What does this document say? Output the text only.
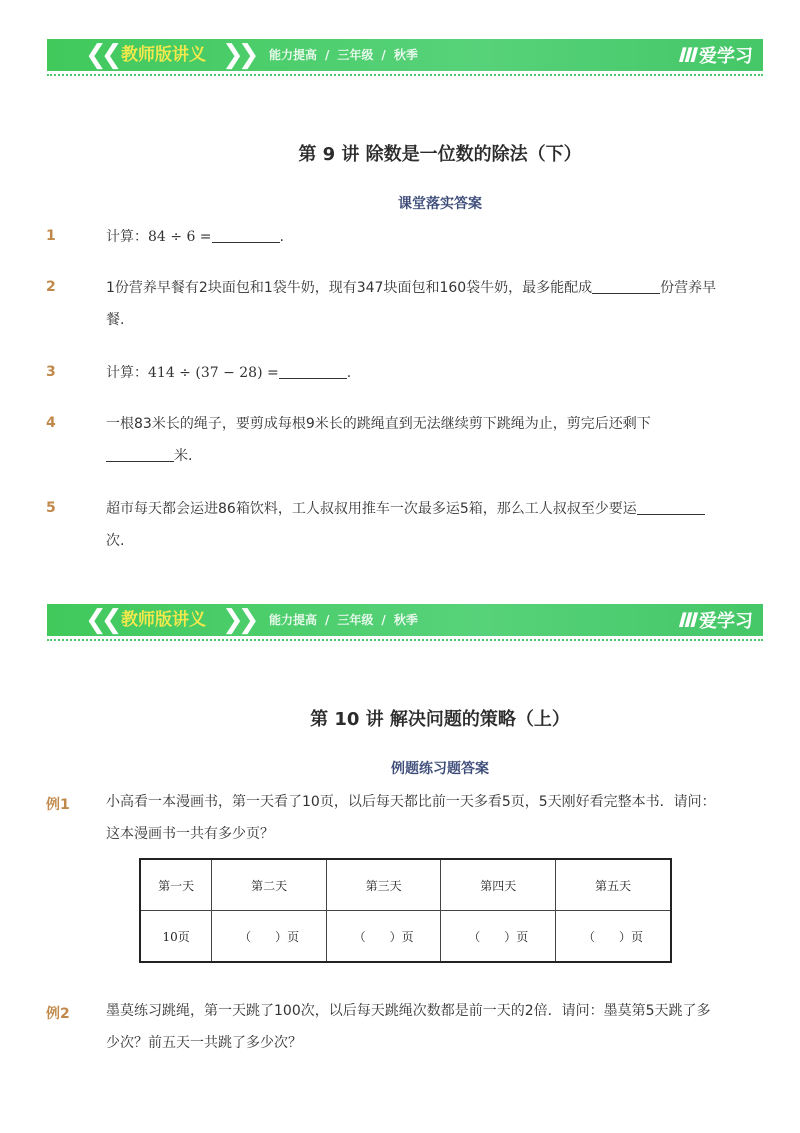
❮❮ 教师版讲义 ❯❯ 能力提高 / 三年级 / 秋季	Ⅲ爱学习
第 9 讲 除数是一位数的除法（下）
课堂落实答案
1	计算：84 ÷ 6 =	.
2	1份营养早餐有2块面包和1袋牛奶，现有347块面包和160袋牛奶，最多能配成	份营养早餐.
3	计算：414 ÷ (37 − 28) =	.
4	一根83米长的绳子，要剪成每根9米长的跳绳直到无法继续剪下跳绳为止，剪完后还剩下米.
5	超市每天都会运进86箱饮料，工人叔叔用推车一次最多运5箱，那么工人叔叔至少要运次.
❮❮ 教师版讲义 ❯❯ 能力提高 / 三年级 / 秋季	Ⅲ爱学习
第 10 讲 解决问题的策略（上）
例题练习题答案
例1	小高看一本漫画书，第一天看了10页，以后每天都比前一天多看5页，5天刚好看完整本书．请问：这本漫画书一共有多少页？
第一天	第二天	第三天	第四天	第五天
10页	（　　）页	（　　）页	（　　）页	（　　）页
例2	墨莫练习跳绳，第一天跳了100次，以后每天跳绳次数都是前一天的2倍．请问：墨莫第5天跳了多少次？前五天一共跳了多少次？
